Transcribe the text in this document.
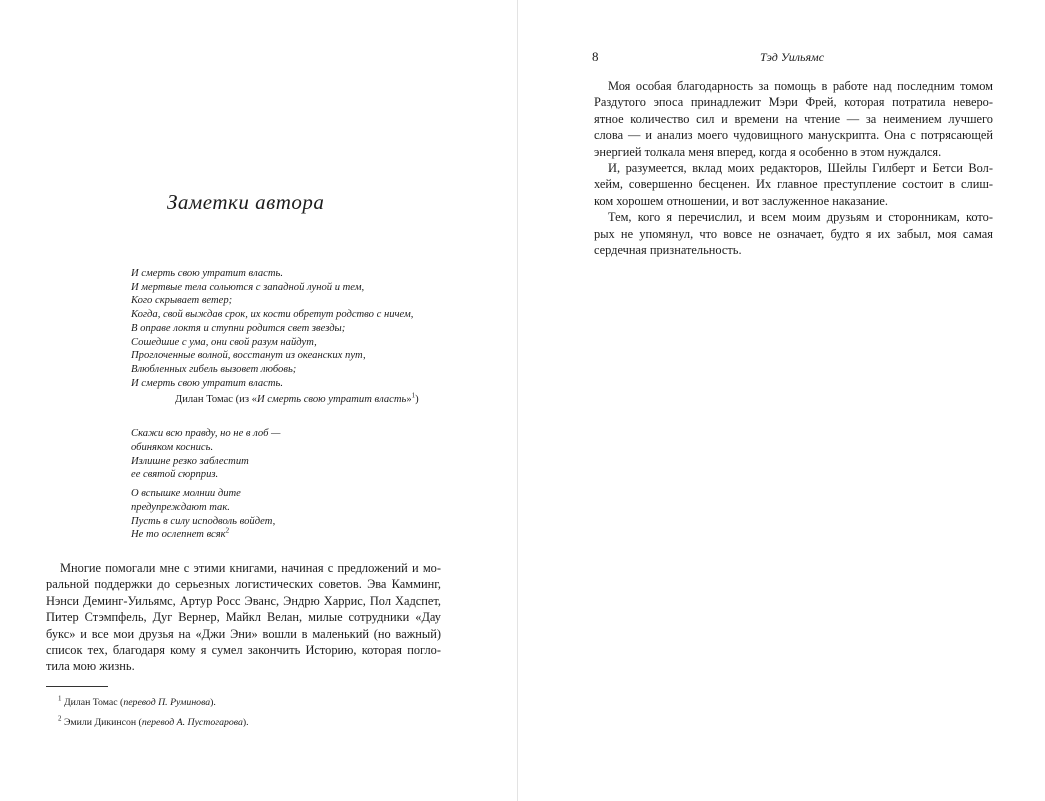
Заметки автора
И смерть свою утратит власть.
И мертвые тела сольются с западной луной и тем,
Кого скрывает ветер;
Когда, свой выждав срок, их кости обретут родство с ничем,
В оправе локтя и ступни родится свет звезды;
Сошедшие с ума, они свой разум найдут,
Проглоченные волной, восстанут из океанских пут,
Влюбленных гибель вызовет любовь;
И смерть свою утратит власть.
Дилан Томас (из «И смерть свою утратит власть»$^1$)
Скажи всю правду, но не в лоб —
обиняком коснись.
Излишне резко заблестит
ее святой сюрприз.
О вспышке молнии дите
предупреждают так.
Пусть в силу исподволь войдет,
Не то ослепнет всяк$^2$

Многие помогали мне с этими книгами, начиная с предложений и мо-
ральной поддержки до серьезных логистических советов. Эва Камминг,
Нэнси Деминг-Уильямс, Артур Росс Эванс, Эндрю Харрис, Пол Хадспет,
Питер Стэмпфель, Дуг Вернер, Майкл Велан, милые сотрудники «Дау
букс» и все мои друзья на «Джи Эни» вошли в маленький (но важный)
список тех, благодаря кому я сумел закончить Историю, которая погло-
тила мою жизнь.

$^1$ Дилан Томас (перевод П. Руминова).
$^2$ Эмили Дикинсон (перевод А. Пустогарова).
8	Тэд Уильямс

Моя особая благодарность за помощь в работе над последним томом
Раздутого эпоса принадлежит Мэри Фрей, которая потратила неверо-
ятное количество сил и времени на чтение — за неимением лучшего
слова — и анализ моего чудовищного манускрипта. Она с потрясающей
энергией толкала меня вперед, когда я особенно в этом нуждался.

И, разумеется, вклад моих редакторов, Шейлы Гилберт и Бетси Вол-
хейм, совершенно бесценен. Их главное преступление состоит в слиш-
ком хорошем отношении, и вот заслуженное наказание.

Тем, кого я перечислил, и всем моим друзьям и сторонникам, кото-
рых не упомянул, что вовсе не означает, будто я их забыл, моя самая
сердечная признательность.
